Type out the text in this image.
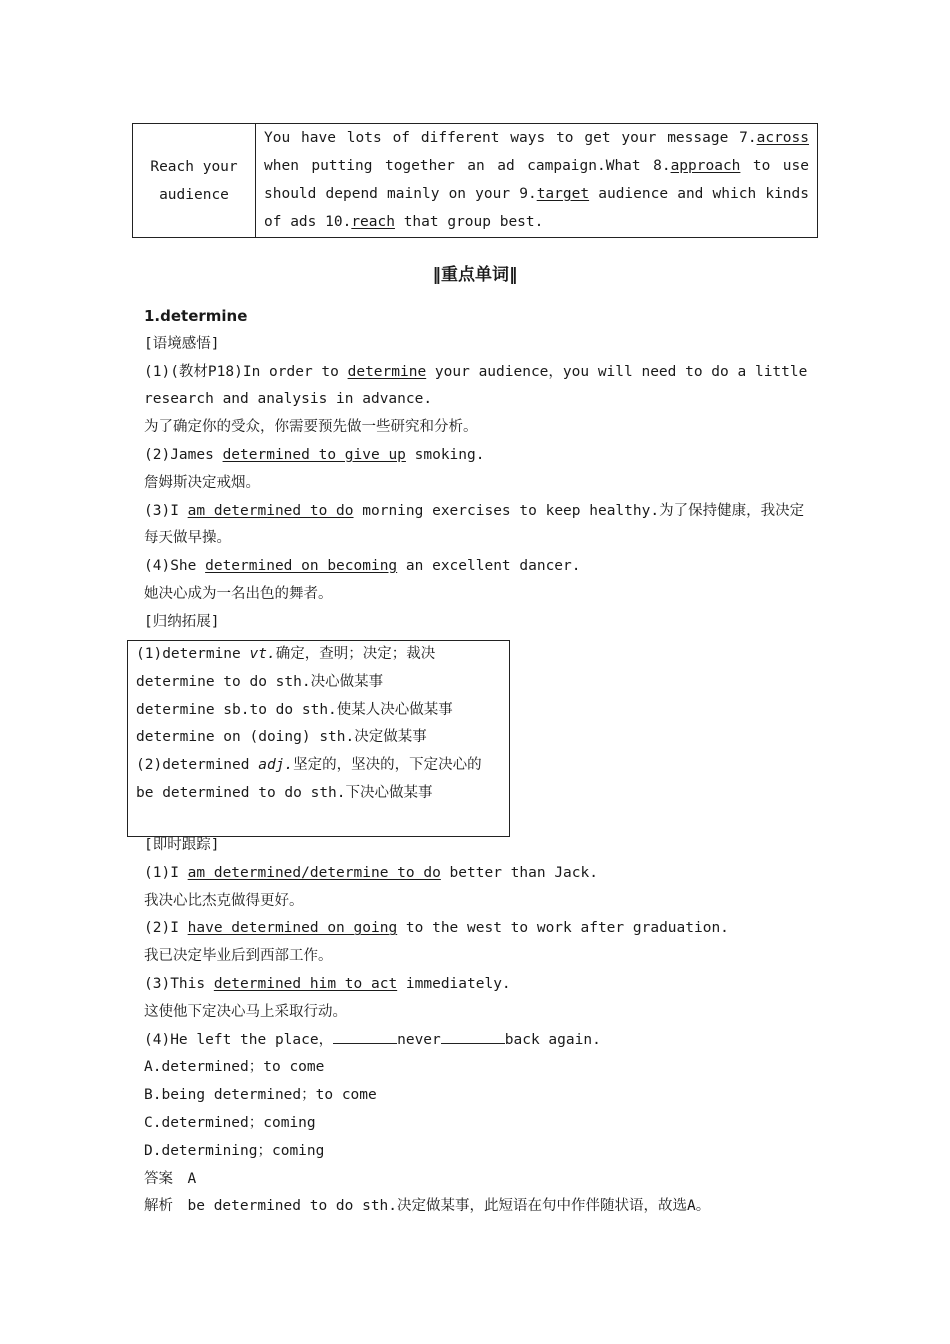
Reach your audience
You have lots of different ways to get your message 7.across when putting together an ad campaign.What 8.approach to use should depend mainly on your 9.target audience and which kinds of ads 10.reach that group best.
‖重点单词‖
1.determine
[语境感悟]
(1)(教材P18)In order to determine your audience，you will need to do a little research and analysis in advance.
为了确定你的受众，你需要预先做一些研究和分析。
(2)James determined to give up smoking.
詹姆斯决定戒烟。
(3)I am determined to do morning exercises to keep healthy.为了保持健康，我决定每天做早操。
(4)She determined on becoming an excellent dancer.
她决心成为一名出色的舞者。
[归纳拓展]
(1)determine vt.确定，查明；决定；裁决
determine to do sth.决心做某事
determine sb.to do sth.使某人决心做某事
determine on (doing) sth.决定做某事
(2)determined adj.坚定的，坚决的，下定决心的
be determined to do sth.下决心做某事
[即时跟踪]
(1)I am determined/determine to do better than Jack.
我决心比杰克做得更好。
(2)I have determined on going to the west to work after graduation.
我已决定毕业后到西部工作。
(3)This determined him to act immediately.
这使他下定决心马上采取行动。
(4)He left the place，	never	back again.
A.determined；to come
B.being determined；to come
C.determined；coming
D.determining；coming
答案　A
解析　be determined to do sth.决定做某事，此短语在句中作伴随状语，故选A。
